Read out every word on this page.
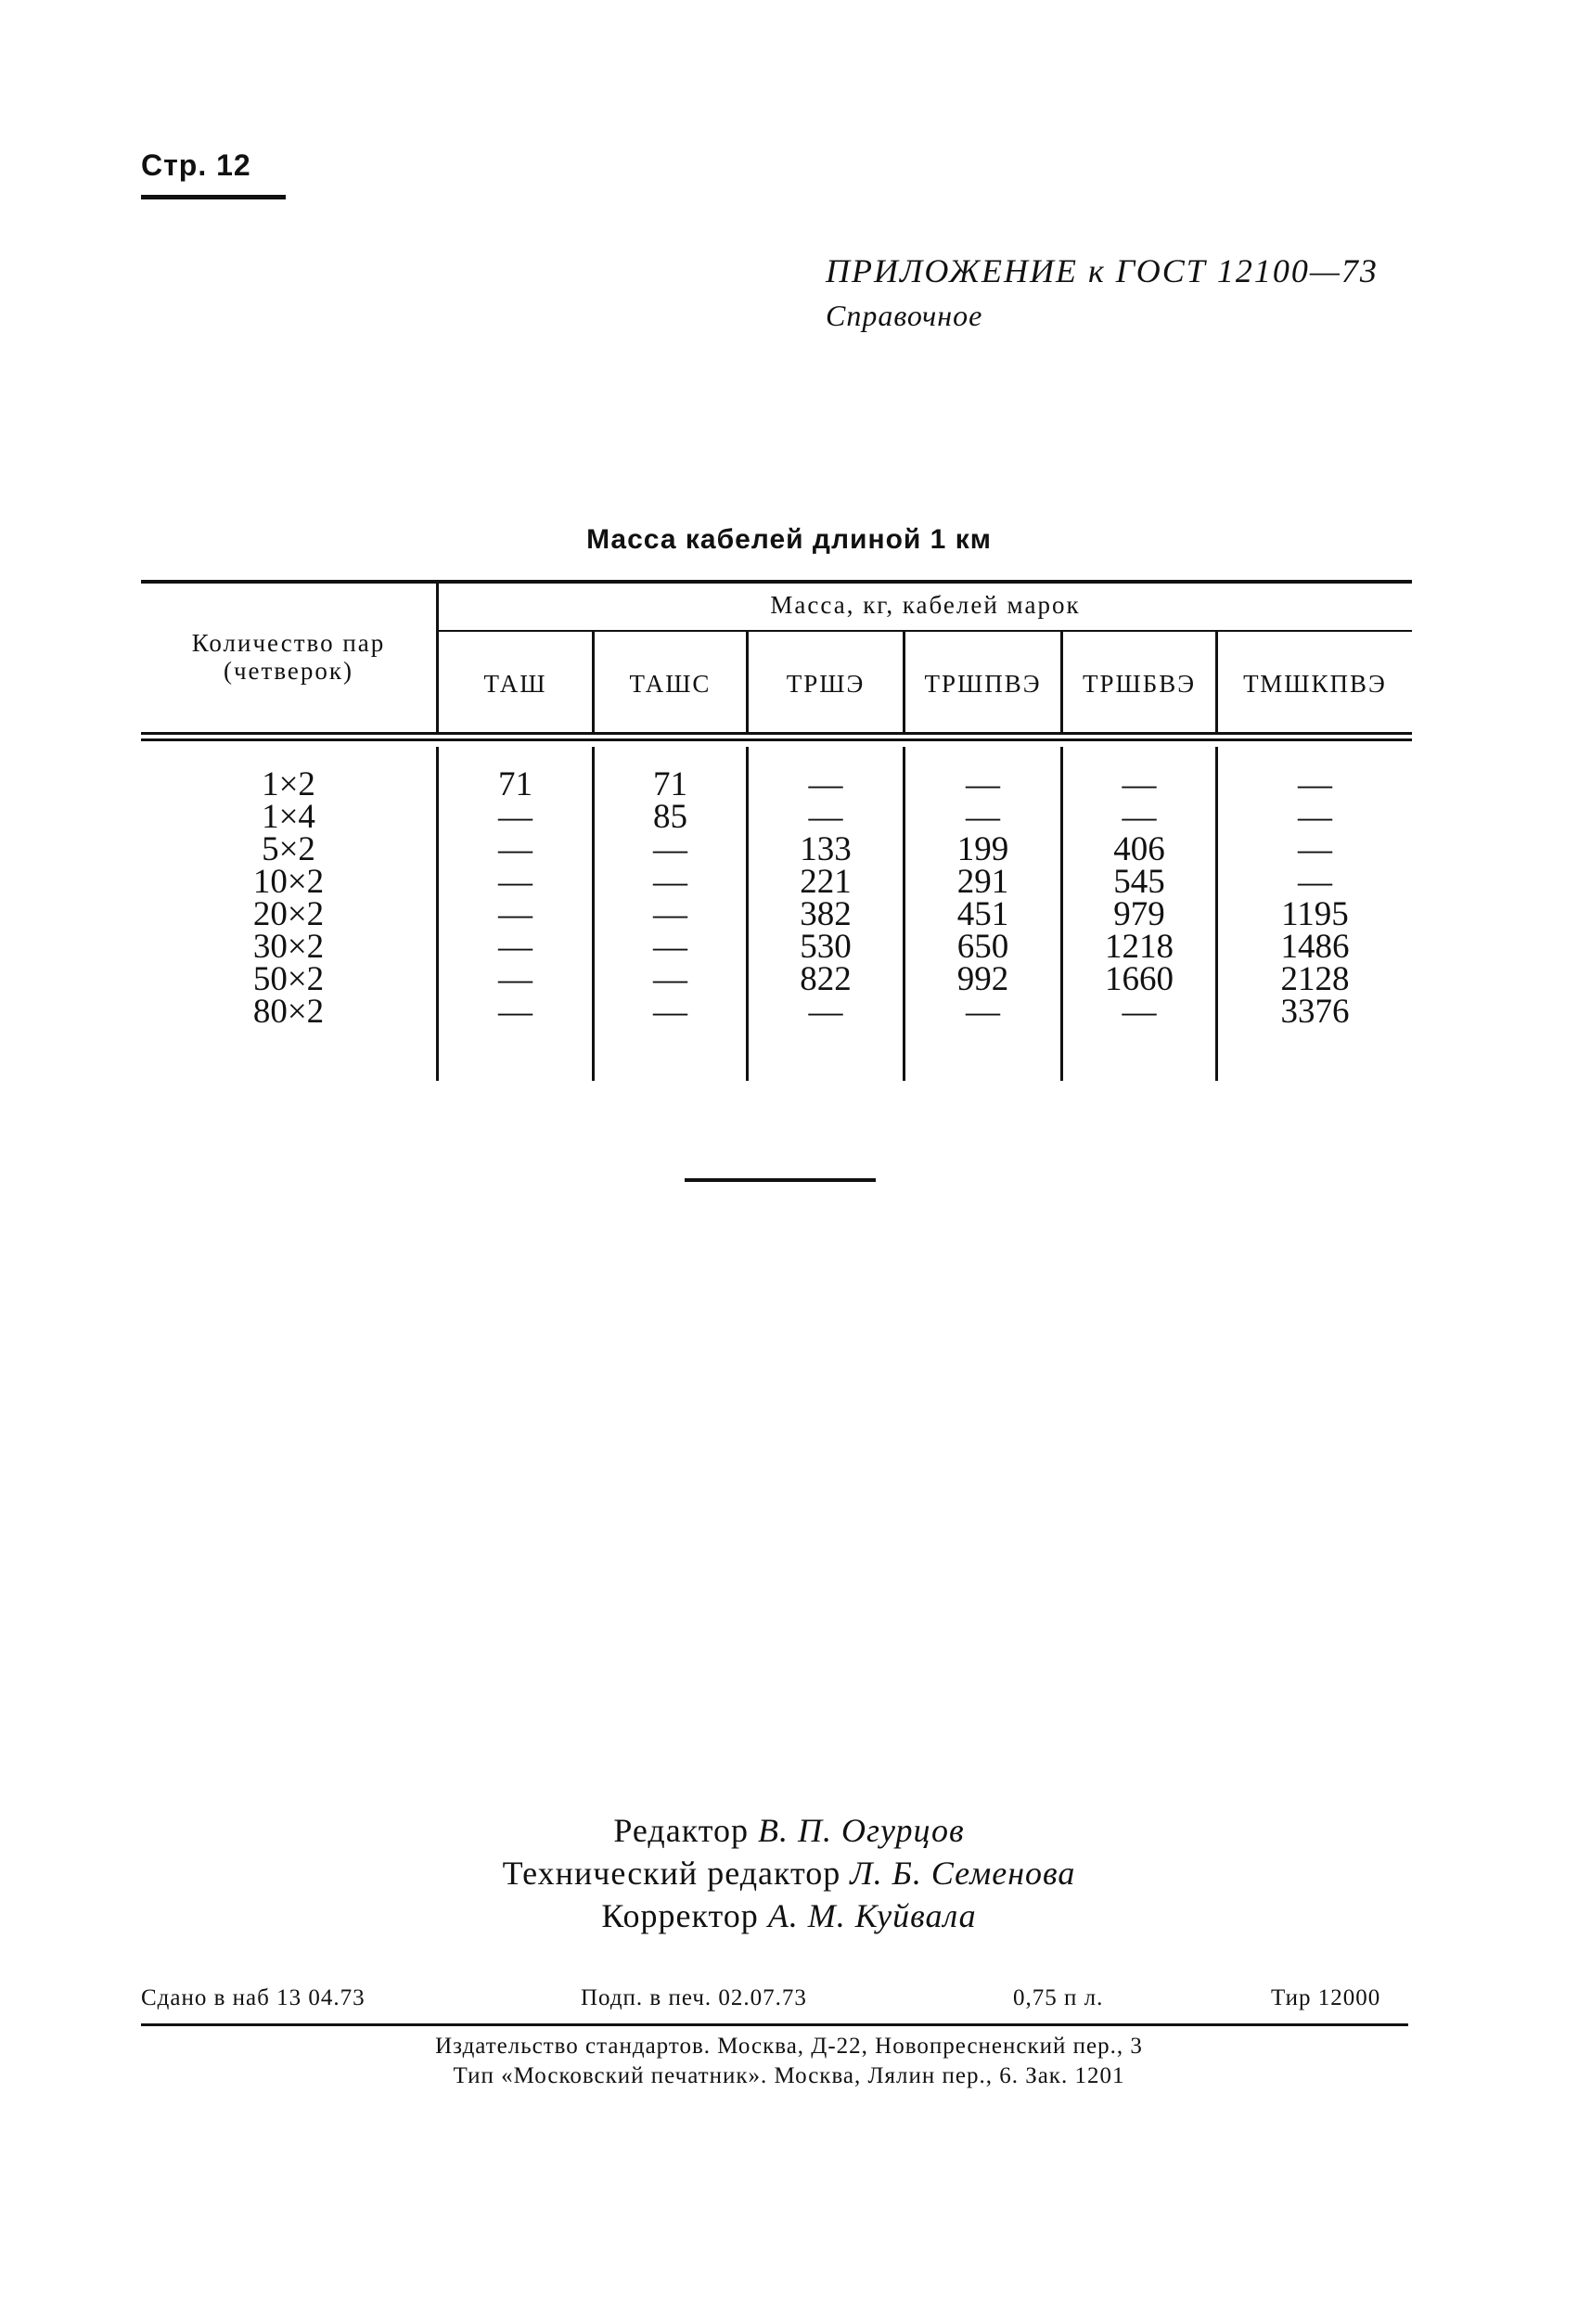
Стр. 12
ПРИЛОЖЕНИЕ к ГОСТ 12100—73
Справочное
Масса кабелей длиной 1 км
Количество пар
(четверок)
Масса, кг, кабелей марок
ТАШ	ТАШС	ТРШЭ	ТРШПВЭ	ТРШБВЭ	ТМШКПВЭ
1×2	71	71	—	—	—	—
1×4	—	85	—	—	—	—
5×2	—	—	133	199	406	—
10×2	—	—	221	291	545	—
20×2	—	—	382	451	979	1195
30×2	—	—	530	650	1218	1486
50×2	—	—	822	992	1660	2128
80×2	—	—	—	—	—	3376
Редактор В. П. Огурцов
Технический редактор Л. Б. Семенова
Корректор А. М. Куйвала
Сдано в наб 13 04.73	Подп. в печ. 02.07.73	0,75 п л.	Тир 12000
Издательство стандартов. Москва, Д-22, Новопресненский пер., 3
Тип «Московский печатник». Москва, Лялин пер., 6. Зак. 1201
